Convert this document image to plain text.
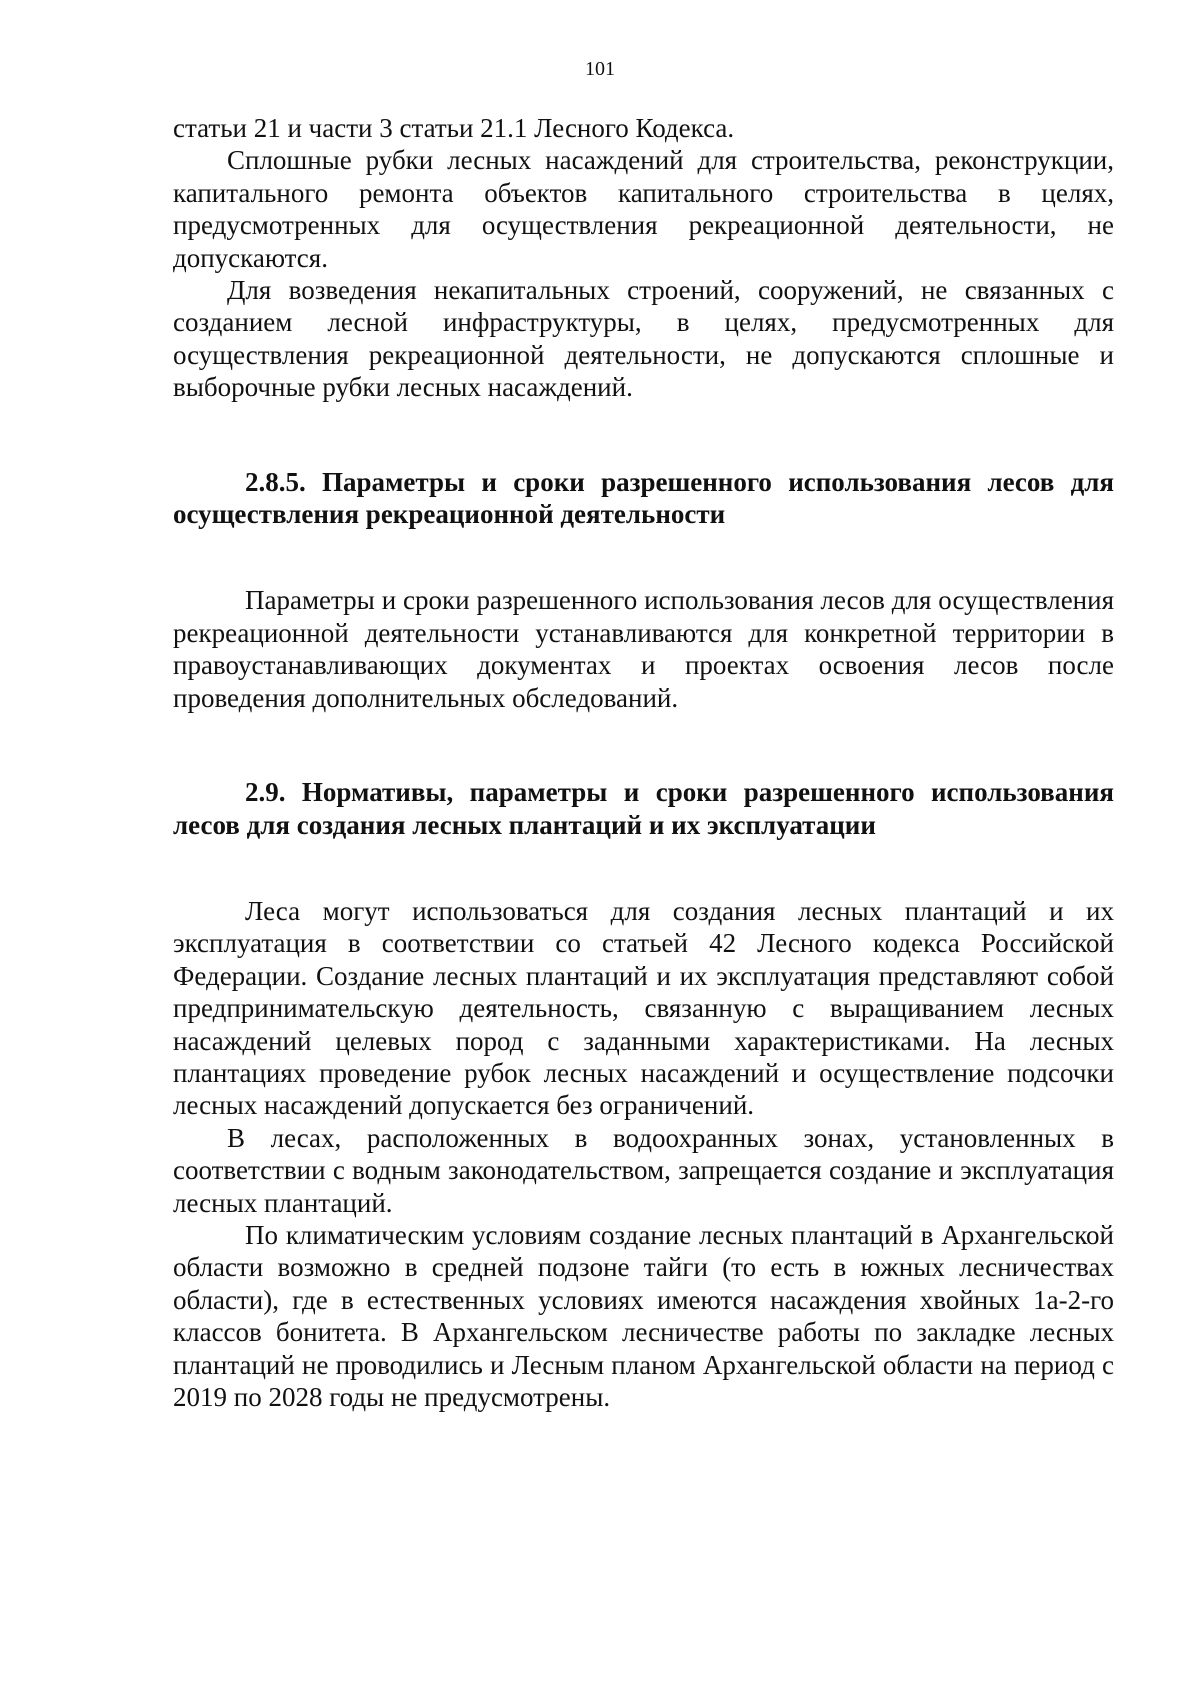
101

статьи 21 и части 3 статьи 21.1 Лесного Кодекса.

Сплошные рубки лесных насаждений для строительства, реконструкции, капитального ремонта объектов капитального строительства в целях, предусмотренных для осуществления рекреационной деятельности, не допускаются.

Для возведения некапитальных строений, сооружений, не связанных с созданием лесной инфраструктуры, в целях, предусмотренных для осуществления рекреационной деятельности, не допускаются сплошные и выборочные рубки лесных насаждений.

2.8.5. Параметры и сроки разрешенного использования лесов для осуществления рекреационной деятельности

Параметры и сроки разрешенного использования лесов для осуществления рекреационной деятельности устанавливаются для конкретной территории в правоустанавливающих документах и проектах освоения лесов после проведения дополнительных обследований.

2.9. Нормативы, параметры и сроки разрешенного использования лесов для создания лесных плантаций и их эксплуатации

Леса могут использоваться для создания лесных плантаций и их эксплуатация в соответствии со статьей 42 Лесного кодекса Российской Федерации. Создание лесных плантаций и их эксплуатация представляют собой предпринимательскую деятельность, связанную с выращиванием лесных насаждений целевых пород с заданными характеристиками. На лесных плантациях проведение рубок лесных насаждений и осуществление подсочки лесных насаждений допускается без ограничений.

В лесах, расположенных в водоохранных зонах, установленных в соответствии с водным законодательством, запрещается создание и эксплуатация лесных плантаций.

По климатическим условиям создание лесных плантаций в Архангельской области возможно в средней подзоне тайги (то есть в южных лесничествах области), где в естественных условиях имеются насаждения хвойных 1а-2-го классов бонитета. В Архангельском лесничестве работы по закладке лесных плантаций не проводились и Лесным планом Архангельской области на период с 2019 по 2028 годы не предусмотрены.
